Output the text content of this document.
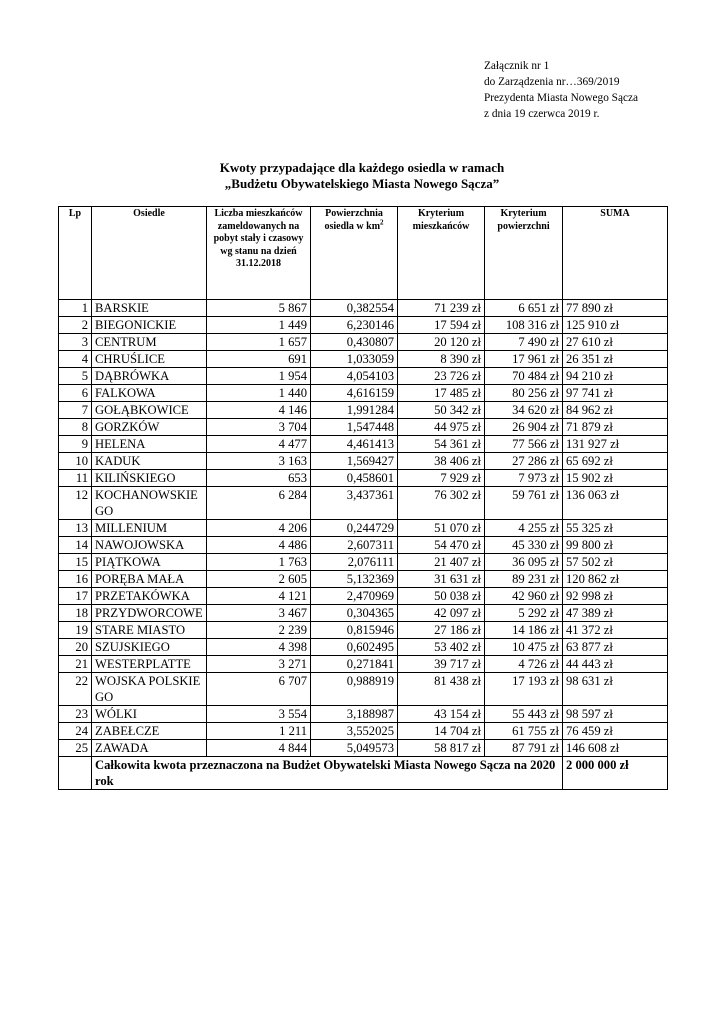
Załącznik nr 1
do Zarządzenia nr…369/2019
Prezydenta Miasta Nowego Sącza
z dnia 19 czerwca 2019 r.
Kwoty przypadające dla każdego osiedla w ramach
„Budżetu Obywatelskiego Miasta Nowego Sącza”
Lp	Osiedle	Liczba mieszkańców zameldowanych na pobyt stały i czasowy wg stanu na dzień 31.12.2018	Powierzchnia osiedla w $km^2$	Kryterium mieszkańców	Kryterium powierzchni	SUMA
1	BARSKIE	5 867	0,382554	71 239 zł	6 651 zł	77 890 zł
2	BIEGONICKIE	1 449	6,230146	17 594 zł	108 316 zł	125 910 zł
3	CENTRUM	1 657	0,430807	20 120 zł	7 490 zł	27 610 zł
4	CHRUŚLICE	691	1,033059	8 390 zł	17 961 zł	26 351 zł
5	DĄBRÓWKA	1 954	4,054103	23 726 zł	70 484 zł	94 210 zł
6	FALKOWA	1 440	4,616159	17 485 zł	80 256 zł	97 741 zł
7	GOŁĄBKOWICE	4 146	1,991284	50 342 zł	34 620 zł	84 962 zł
8	GORZKÓW	3 704	1,547448	44 975 zł	26 904 zł	71 879 zł
9	HELENA	4 477	4,461413	54 361 zł	77 566 zł	131 927 zł
10	KADUK	3 163	1,569427	38 406 zł	27 286 zł	65 692 zł
11	KILIŃSKIEGO	653	0,458601	7 929 zł	7 973 zł	15 902 zł
12	KOCHANOWSKIEGO	6 284	3,437361	76 302 zł	59 761 zł	136 063 zł
13	MILLENIUM	4 206	0,244729	51 070 zł	4 255 zł	55 325 zł
14	NAWOJOWSKA	4 486	2,607311	54 470 zł	45 330 zł	99 800 zł
15	PIĄTKOWA	1 763	2,076111	21 407 zł	36 095 zł	57 502 zł
16	PORĘBA MAŁA	2 605	5,132369	31 631 zł	89 231 zł	120 862 zł
17	PRZETAKÓWKA	4 121	2,470969	50 038 zł	42 960 zł	92 998 zł
18	PRZYDWORCOWE	3 467	0,304365	42 097 zł	5 292 zł	47 389 zł
19	STARE MIASTO	2 239	0,815946	27 186 zł	14 186 zł	41 372 zł
20	SZUJSKIEGO	4 398	0,602495	53 402 zł	10 475 zł	63 877 zł
21	WESTERPLATTE	3 271	0,271841	39 717 zł	4 726 zł	44 443 zł
22	WOJSKA POLSKIEGO	6 707	0,988919	81 438 zł	17 193 zł	98 631 zł
23	WÓLKI	3 554	3,188987	43 154 zł	55 443 zł	98 597 zł
24	ZABEŁCZE	1 211	3,552025	14 704 zł	61 755 zł	76 459 zł
25	ZAWADA	4 844	5,049573	58 817 zł	87 791 zł	146 608 zł
	Całkowita kwota przeznaczona na Budżet Obywatelski Miasta Nowego Sącza na 2020 rok					2 000 000 zł
